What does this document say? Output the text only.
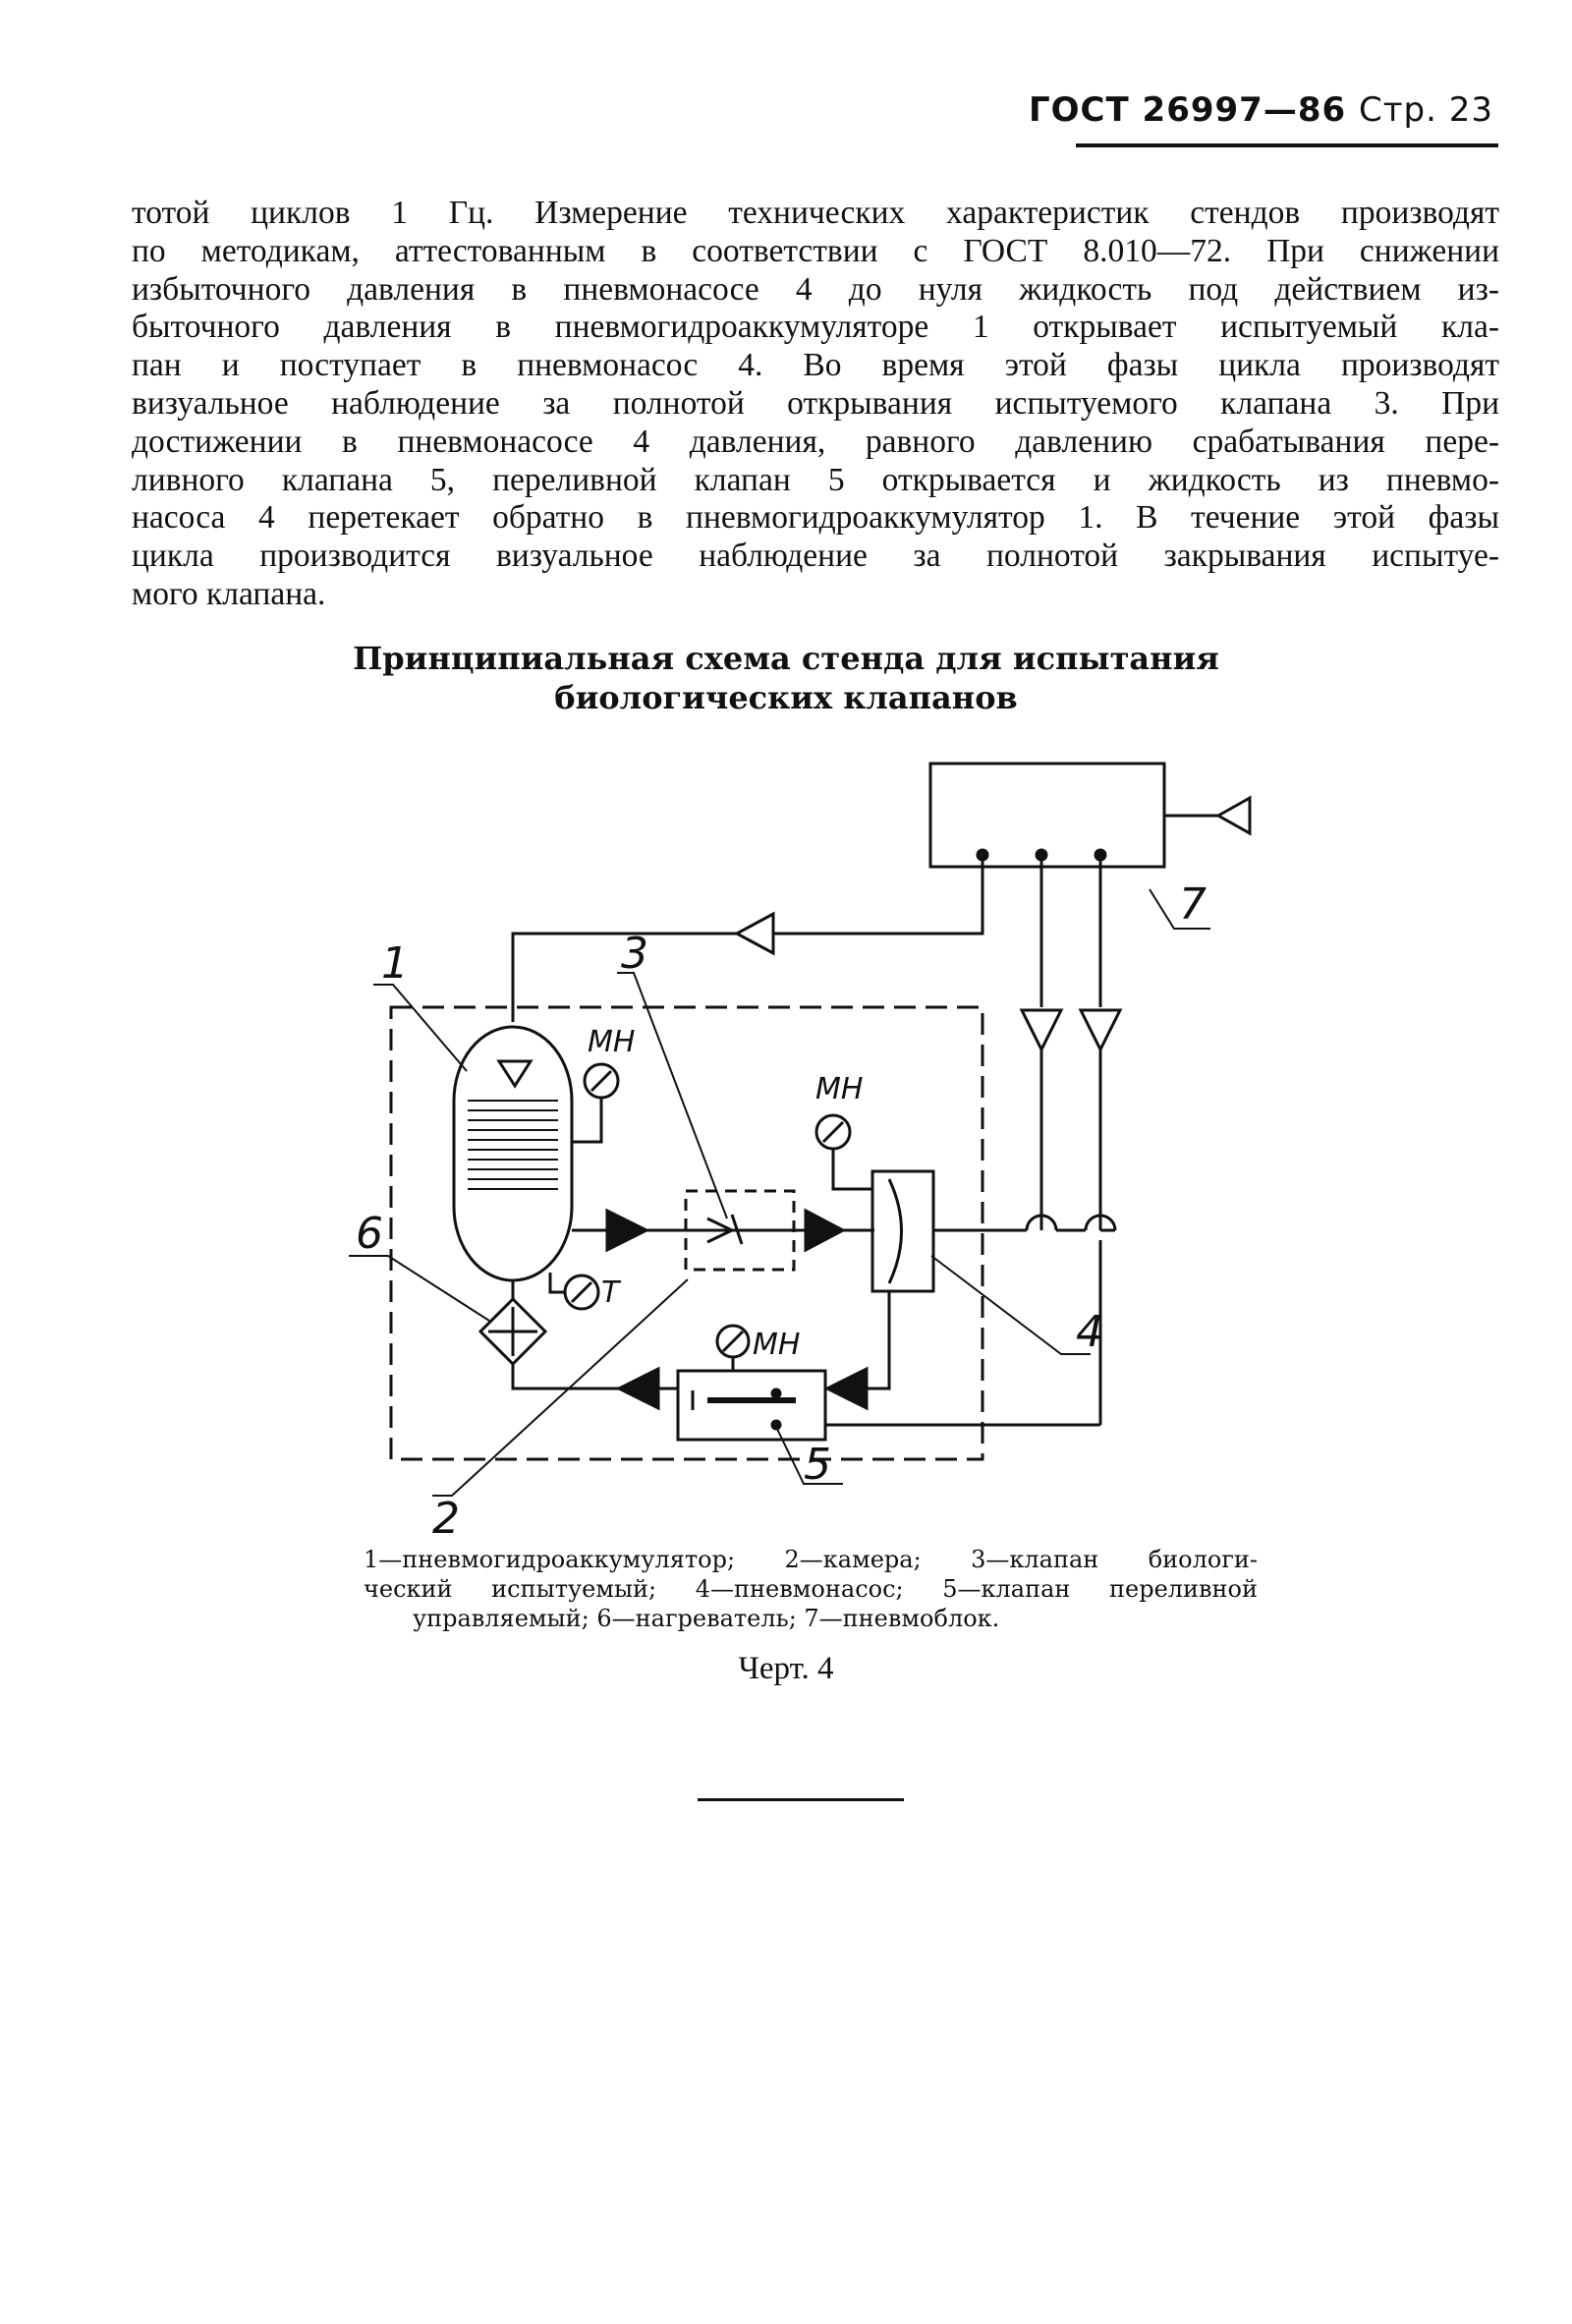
ГОСТ 26997—86 Стр. 23
тотой циклов 1 Гц. Измерение технических характеристик стендов производят
по методикам, аттестованным в соответствии с ГОСТ 8.010—72. При снижении
избыточного давления в пневмонасосе 4 до нуля жидкость под действием из-
быточного давления в пневмогидроаккумуляторе 1 открывает испытуемый кла-
пан и поступает в пневмонасос 4. Во время этой фазы цикла производят
визуальное наблюдение за полнотой открывания испытуемого клапана 3. При
достижении в пневмонасосе 4 давления, равного давлению срабатывания пере-
ливного клапана 5, переливной клапан 5 открывается и жидкость из пневмо-
насоса 4 перетекает обратно в пневмогидроаккумулятор 1. В течение этой фазы
цикла производится визуальное наблюдение за полнотой закрывания испытуе-
мого клапана.
Принципиальная схема стенда для испытания
биологических клапанов
1	3
7
4
6
2
5
МН
МН
МН
Т
1—пневмогидроаккумулятор; 2—камера; 3—клапан биологи-
ческий испытуемый; 4—пневмонасос; 5—клапан переливной
управляемый; 6—нагреватель; 7—пневмоблок.
Черт. 4
